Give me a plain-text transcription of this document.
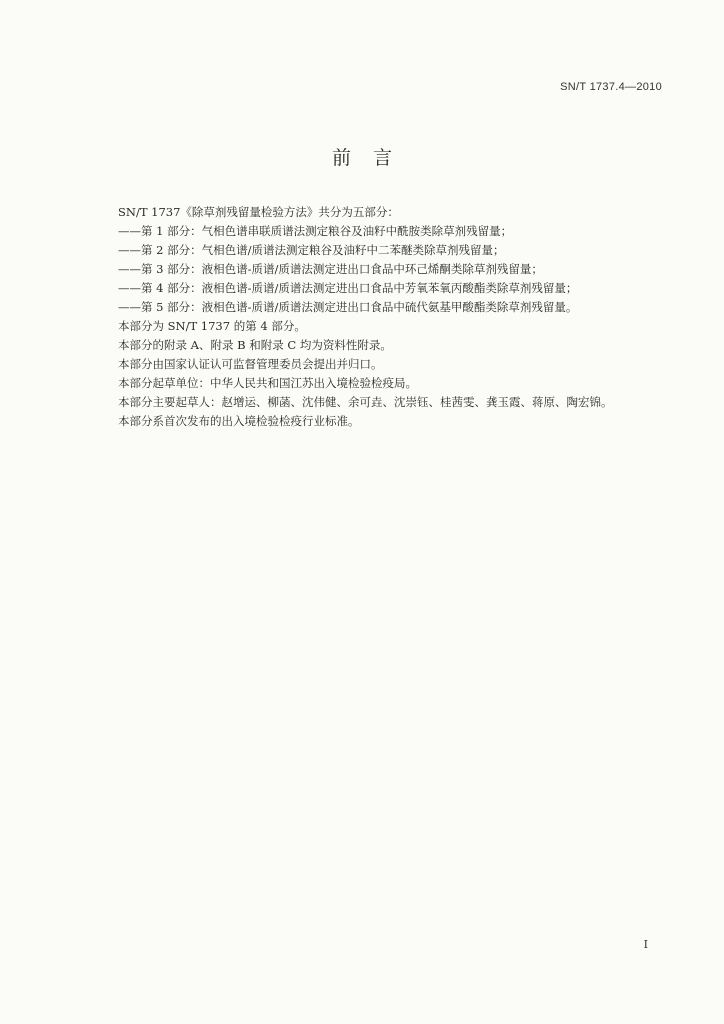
SN/T 1737.4—2010
前言
SN/T 1737《除草剂残留量检验方法》共分为五部分：
——第 1 部分：气相色谱串联质谱法测定粮谷及油籽中酰胺类除草剂残留量；
——第 2 部分：气相色谱/质谱法测定粮谷及油籽中二苯醚类除草剂残留量；
——第 3 部分：液相色谱-质谱/质谱法测定进出口食品中环己烯酮类除草剂残留量；
——第 4 部分：液相色谱-质谱/质谱法测定进出口食品中芳氧苯氧丙酸酯类除草剂残留量；
——第 5 部分：液相色谱-质谱/质谱法测定进出口食品中硫代氨基甲酸酯类除草剂残留量。
本部分为 SN/T 1737 的第 4 部分。
本部分的附录 A、附录 B 和附录 C 均为资料性附录。
本部分由国家认证认可监督管理委员会提出并归口。
本部分起草单位：中华人民共和国江苏出入境检验检疫局。
本部分主要起草人：赵增运、柳菡、沈伟健、余可垚、沈崇钰、桂茜雯、龚玉霞、蒋原、陶宏锦。
本部分系首次发布的出入境检验检疫行业标准。
I
